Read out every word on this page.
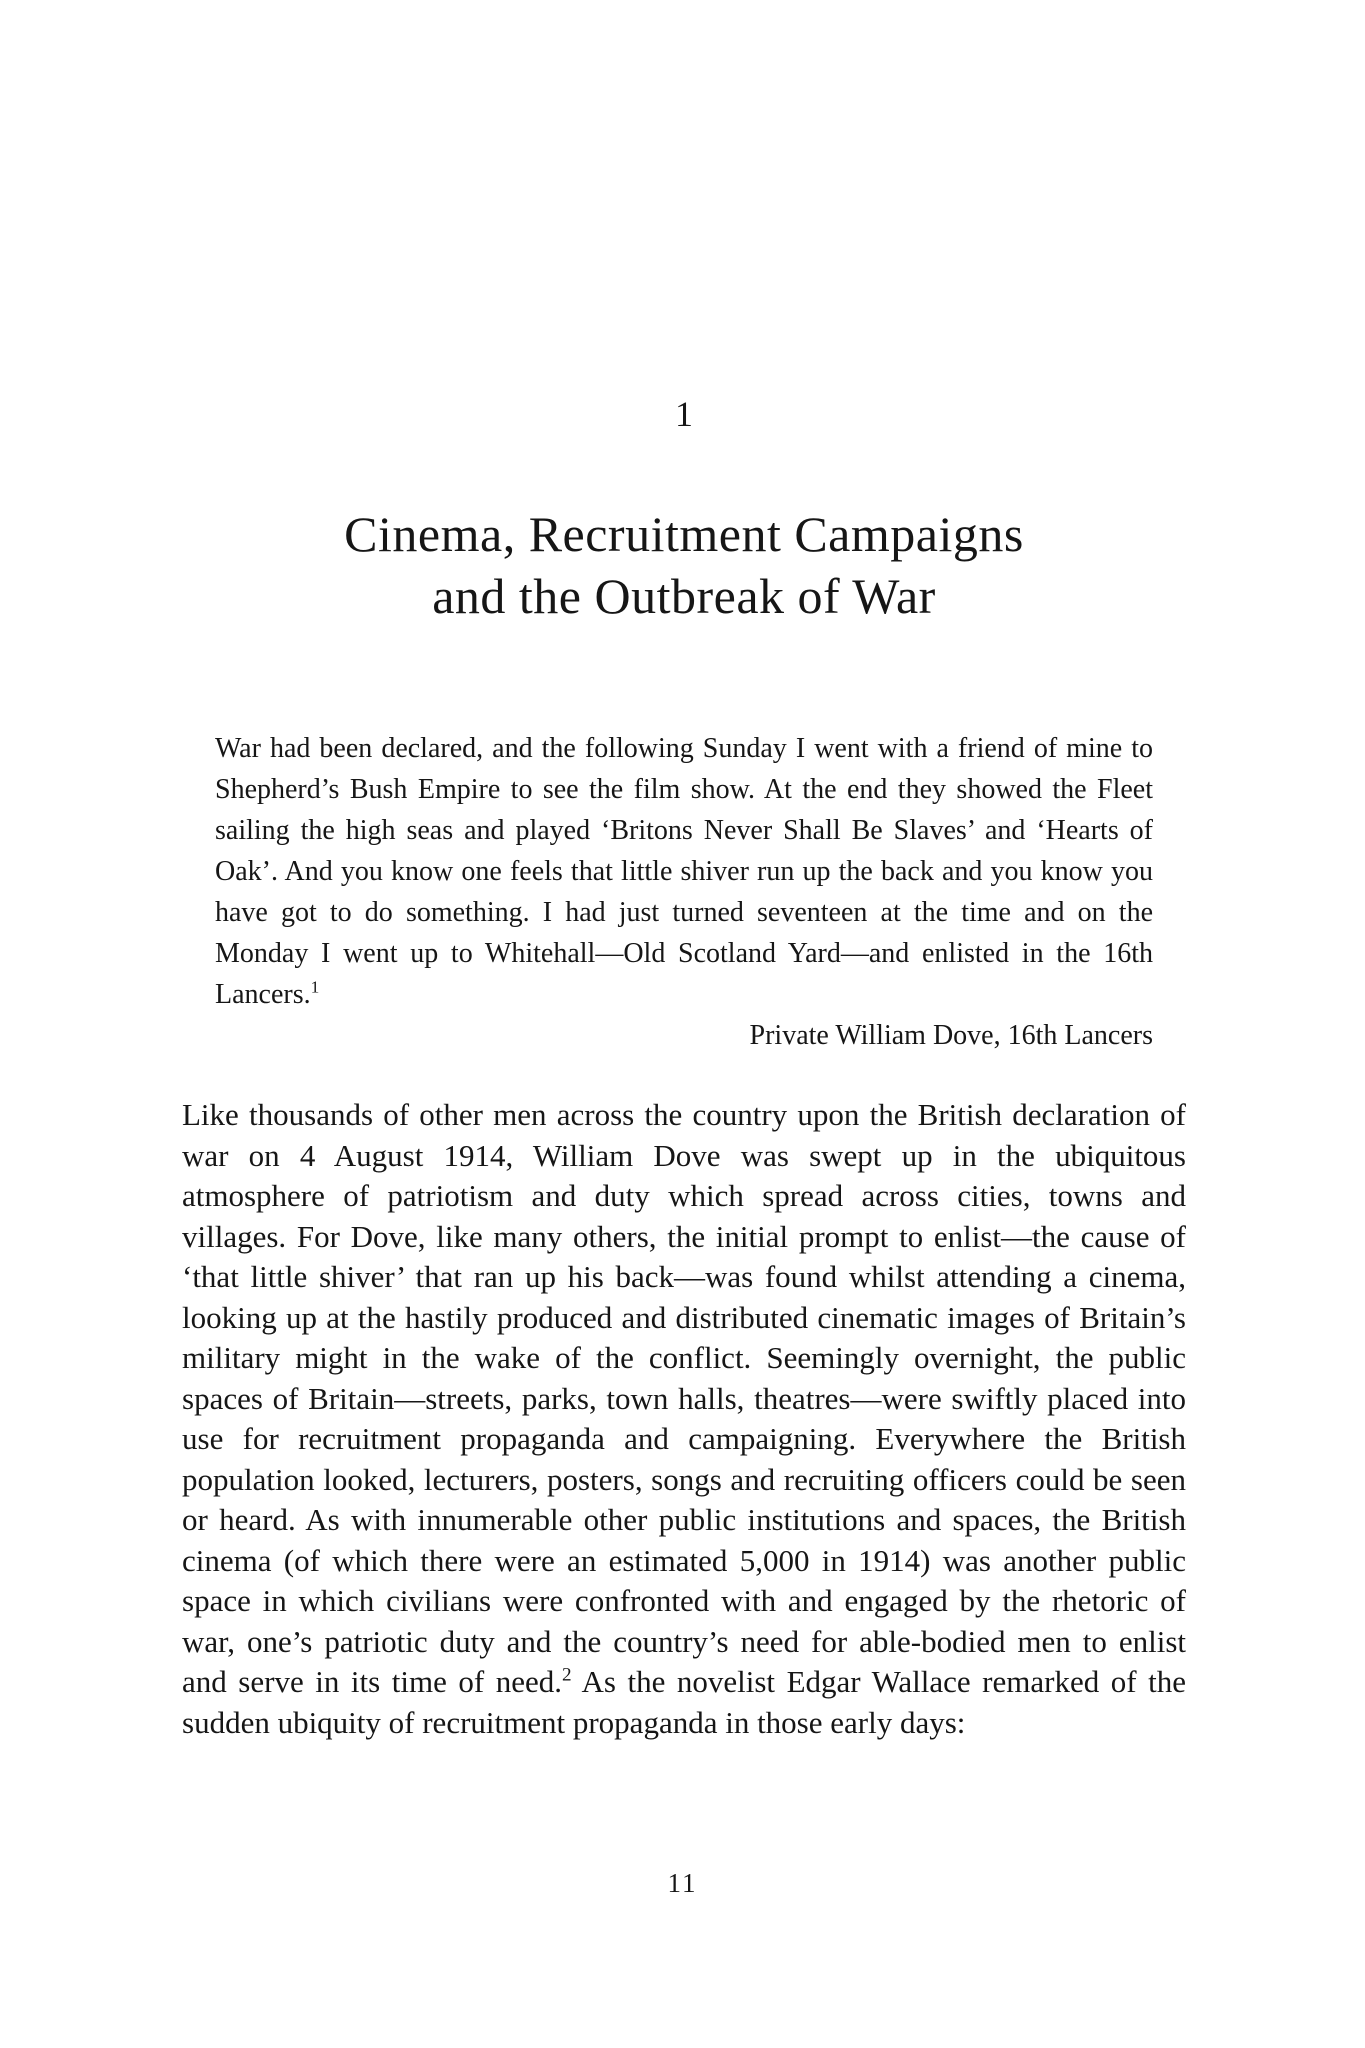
1
Cinema, Recruitment Campaigns
and the Outbreak of War

War had been declared, and the following Sunday I went with a friend of mine to Shepherd’s Bush Empire to see the film show. At the end they showed the Fleet sailing the high seas and played ‘Britons Never Shall Be Slaves’ and ‘Hearts of Oak’. And you know one feels that little shiver run up the back and you know you have got to do something. I had just turned seventeen at the time and on the Monday I went up to Whitehall—Old Scotland Yard—and enlisted in the 16th Lancers.$^1$

Private William Dove, 16th Lancers

Like thousands of other men across the country upon the British declaration of war on 4 August 1914, William Dove was swept up in the ubiquitous atmosphere of patriotism and duty which spread across cities, towns and villages. For Dove, like many others, the initial prompt to enlist—the cause of ‘that little shiver’ that ran up his back—was found whilst attending a cinema, looking up at the hastily produced and distributed cinematic images of Britain’s military might in the wake of the conflict. Seemingly overnight, the public spaces of Britain—streets, parks, town halls, theatres—were swiftly placed into use for recruitment propaganda and campaigning. Everywhere the British population looked, lecturers, posters, songs and recruiting officers could be seen or heard. As with innumerable other public institutions and spaces, the British cinema (of which there were an estimated 5,000 in 1914) was another public space in which civilians were confronted with and engaged by the rhetoric of war, one’s patriotic duty and the country’s need for able-bodied men to enlist and serve in its time of need.$^2$ As the novelist Edgar Wallace remarked of the sudden ubiquity of recruitment propaganda in those early days:

11
